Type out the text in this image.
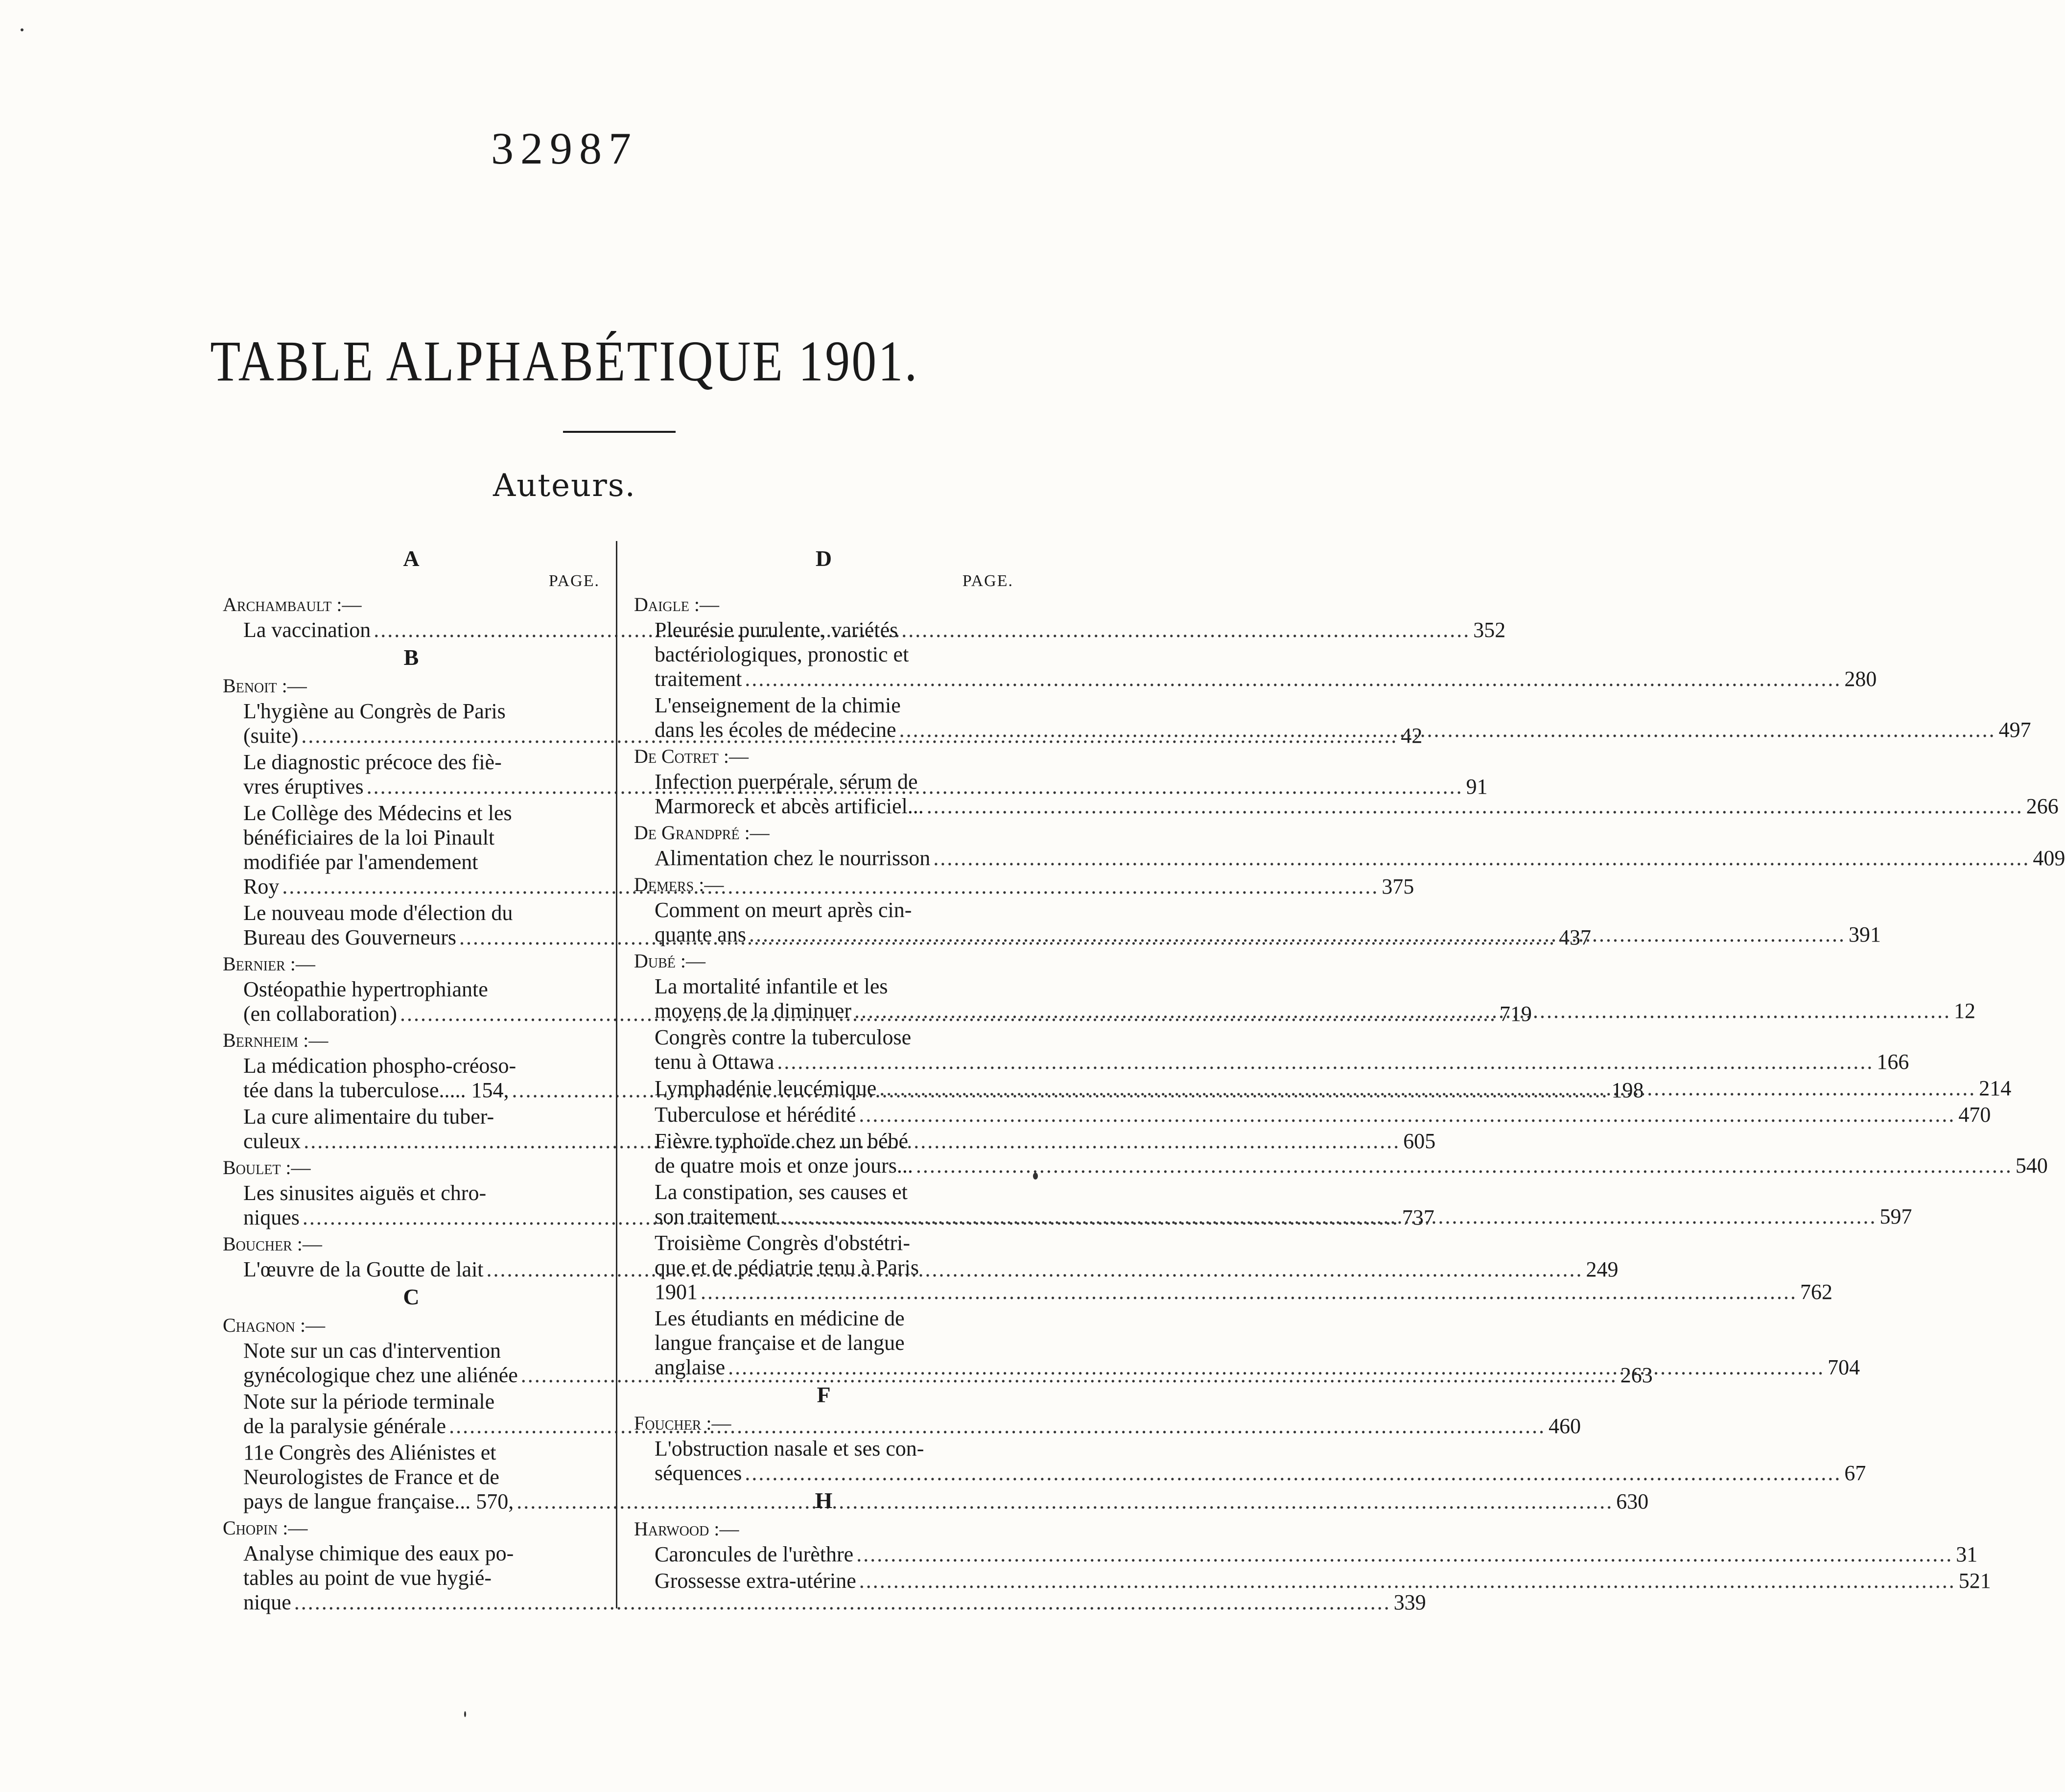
32987
TABLE ALPHABÉTIQUE 1901.
Auteurs.
A
PAGE.
Archambault :—
La vaccination .....	352
B
Benoit :—
L'hygiène au Congrès de Paris
(suite) .....	42
Le diagnostic précoce des fiè-
vres éruptives .....	91
Le Collège des Médecins et les
bénéficiaires de la loi Pinault
modifiée par l'amendement
Roy .....	375
Le nouveau mode d'élection du
Bureau des Gouverneurs .....	437
Bernier :—
Ostéopathie hypertrophiante
(en collaboration) .....	719
Bernheim :—
La médication phospho-créoso-
tée dans la tuberculose..... 154, .....	198
La cure alimentaire du tuber-
culeux .....	605
Boulet :—
Les sinusites aiguës et chro-
niques .....	737
Boucher :—
L'œuvre de la Goutte de lait .....	249
C
Chagnon :—
Note sur un cas d'intervention
gynécologique chez une aliénée .....	263
Note sur la période terminale
de la paralysie générale .....	460
11e Congrès des Aliénistes et
Neurologistes de France et de
pays de langue française... 570, .....	630
Chopin :—
Analyse chimique des eaux po-
tables au point de vue hygié-
nique .....	339
D
PAGE.
Daigle :—
Pleurésie purulente, variétés
bactériologiques, pronostic et
traitement .....	280
L'enseignement de la chimie
dans les écoles de médecine .....	497
De Cotret :—
Infection puerpérale, sérum de
Marmoreck et abcès artificiel... .....	266
De Grandpré :—
Alimentation chez le nourrisson .....	409
Demers :—
Comment on meurt après cin-
quante ans .....	391
Dubé :—
La mortalité infantile et les
moyens de la diminuer .....	12
Congrès contre la tuberculose
tenu à Ottawa .....	166
Lymphadénie leucémique .....	214
Tuberculose et hérédité .....	470
Fièvre typhoïde chez un bébé
de quatre mois et onze jours... .....	540
La constipation, ses causes et
son traitement .....	597
Troisième Congrès d'obstétri-
que et de pédiatrie tenu à Paris
1901 .....	762
Les étudiants en médicine de
langue française et de langue
anglaise .....	704
F
Foucher :—
L'obstruction nasale et ses con-
séquences .....	67
H
Harwood :—
Caroncules de l'urèthre .....	31
Grossesse extra-utérine .....	521
